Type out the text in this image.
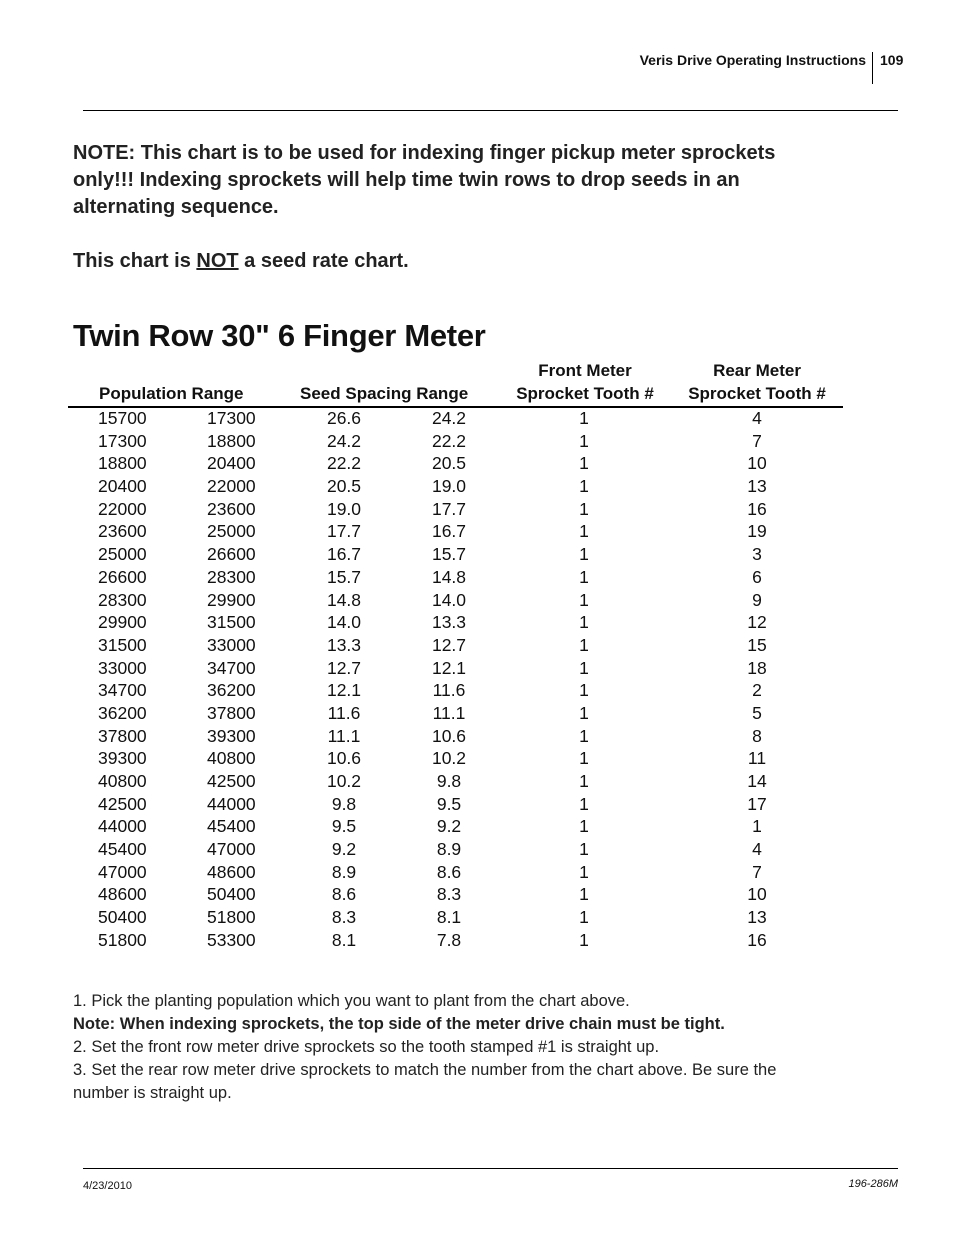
Veris Drive Operating Instructions 109

NOTE: This chart is to be used for indexing finger pickup meter sprockets only!!! Indexing sprockets will help time twin rows to drop seeds in an alternating sequence.

This chart is NOT a seed rate chart.

Twin Row 30" 6 Finger Meter
Population Range	Seed Spacing Range
Front Meter
Sprocket Tooth #
Rear Meter
Sprocket Tooth #
15700	17300	26.6	24.2	1	4
17300	18800	24.2	22.2	1	7
18800	20400	22.2	20.5	1	10
20400	22000	20.5	19.0	1	13
22000	23600	19.0	17.7	1	16
23600	25000	17.7	16.7	1	19
25000	26600	16.7	15.7	1	3
26600	28300	15.7	14.8	1	6
28300	29900	14.8	14.0	1	9
29900	31500	14.0	13.3	1	12
31500	33000	13.3	12.7	1	15
33000	34700	12.7	12.1	1	18
34700	36200	12.1	11.6	1	2
36200	37800	11.6	11.1	1	5
37800	39300	11.1	10.6	1	8
39300	40800	10.6	10.2	1	11
40800	42500	10.2	9.8	1	14
42500	44000	9.8	9.5	1	17
44000	45400	9.5	9.2	1	1
45400	47000	9.2	8.9	1	4
47000	48600	8.9	8.6	1	7
48600	50400	8.6	8.3	1	10
50400	51800	8.3	8.1	1	13
51800	53300	8.1	7.8	1	16

1. Pick the planting population which you want to plant from the chart above.

Note: When indexing sprockets, the top side of the meter drive chain must be tight.

2. Set the front row meter drive sprockets so the tooth stamped #1 is straight up.

3. Set the rear row meter drive sprockets to match the number from the chart above. Be sure the number is straight up.

4/23/2010	196-286M
